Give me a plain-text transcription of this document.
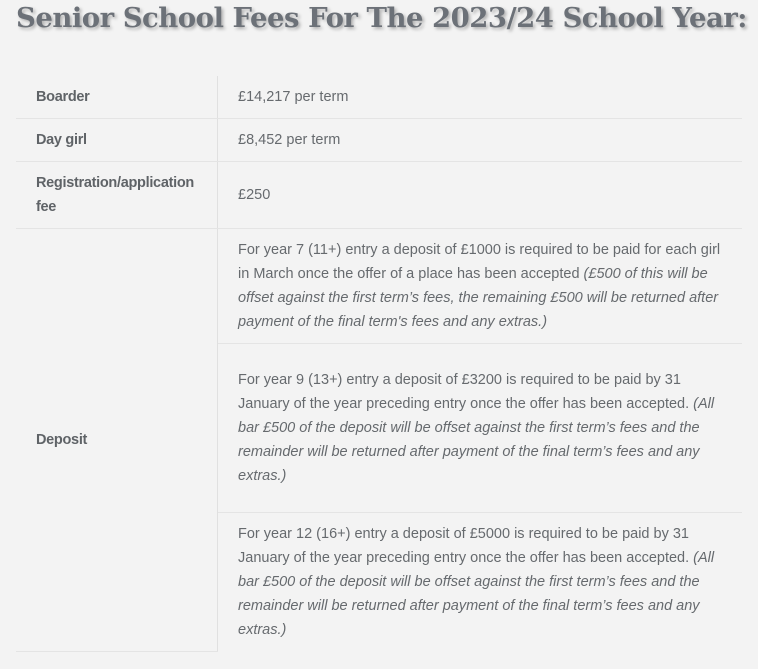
Senior School Fees For The 2023/24 School Year:
Boarder	£14,217 per term
Day girl	£8,452 per term
Registration/application fee	£250
Deposit	For year 7 (11+) entry a deposit of £1000 is required to be paid for each girl in March once the offer of a place has been accepted (£500 of this will be offset against the first term’s fees, the remaining £500 will be returned after payment of the final term's fees and any extras.)
	For year 9 (13+) entry a deposit of £3200 is required to be paid by 31 January of the year preceding entry once the offer has been accepted. (All bar £500 of the deposit will be offset against the first term’s fees and the remainder will be returned after payment of the final term’s fees and any extras.)
	For year 12 (16+) entry a deposit of £5000 is required to be paid by 31 January of the year preceding entry once the offer has been accepted. (All bar £500 of the deposit will be offset against the first term’s fees and the remainder will be returned after payment of the final term’s fees and any extras.)
